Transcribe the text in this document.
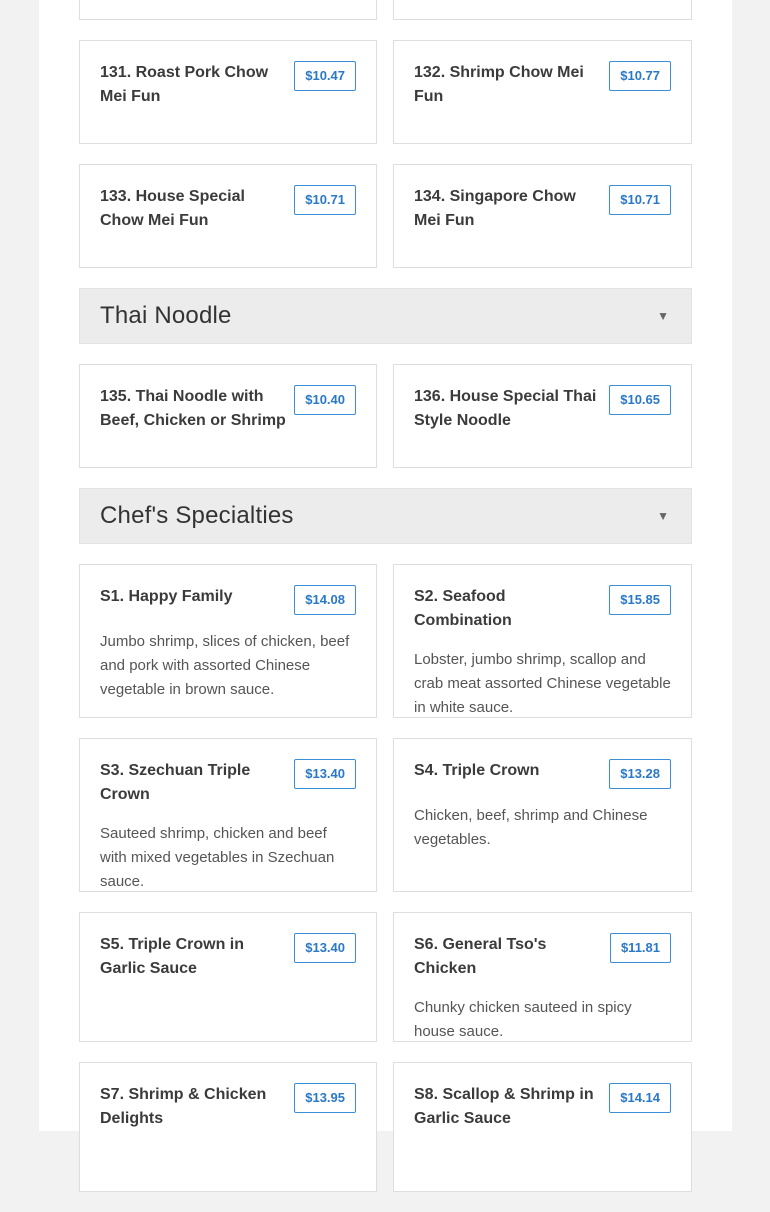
131. Roast Pork Chow Mei Fun
$10.47	132. Shrimp Chow Mei Fun
$10.77
133. House Special Chow Mei Fun
$10.71	134. Singapore Chow Mei Fun
$10.71
Thai Noodle	▼
135. Thai Noodle with Beef, Chicken or Shrimp
$10.40	136. House Special Thai Style Noodle
$10.65
Chef's Specialties	▼
S1. Happy Family	$14.08
Jumbo shrimp, slices of chicken, beef and pork with assorted Chinese vegetable in brown sauce.
S2. Seafood Combination
$15.85
Lobster, jumbo shrimp, scallop and crab meat assorted Chinese vegetable in white sauce.
S3. Szechuan Triple Crown
$13.40
Sauteed shrimp, chicken and beef with mixed vegetables in Szechuan sauce.
S4. Triple Crown	$13.28
Chicken, beef, shrimp and Chinese vegetables.
S5. Triple Crown in Garlic Sauce
$13.40	S6. General Tso's Chicken
$11.81
Chunky chicken sauteed in spicy house sauce.
S7. Shrimp & Chicken Delights
$13.95	S8. Scallop & Shrimp in Garlic Sauce
$14.14
